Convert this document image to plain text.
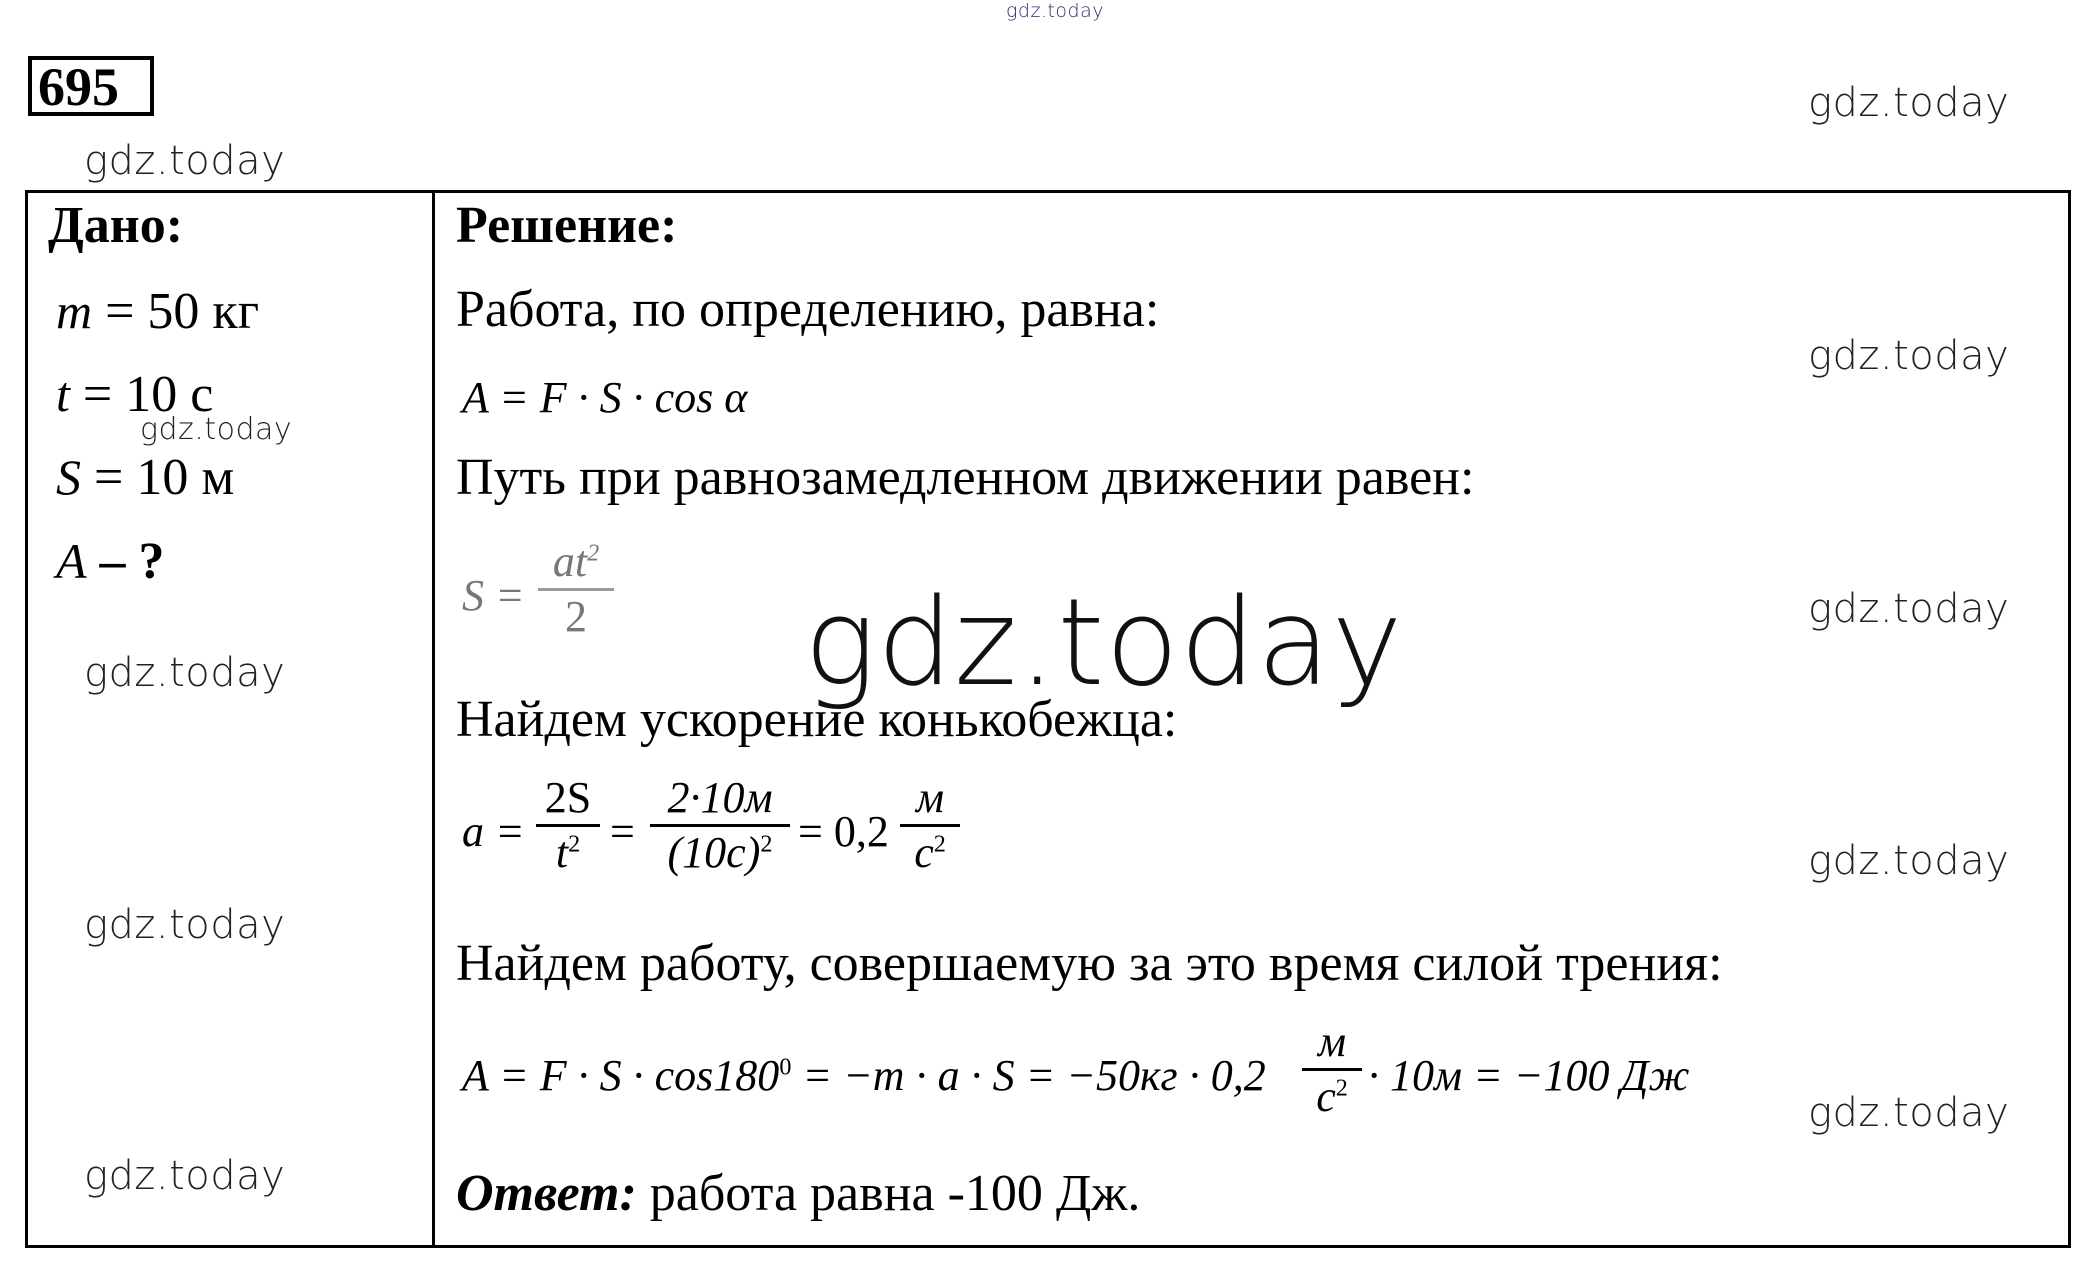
gdz.today
695	gdz.today
gdz.today
Дано:
m = 50 кг
t = 10 с
gdz.today
S = 10 м
A – ?
gdz.today
gdz.today
gdz.today
Решение:
Работа, по определению, равна:
A = F · S · cos α
Путь при равнозамедленном движении равен:
S =
$at^2$
2 gdz.today
Найдем ускорение конькобежца:
a =
2S
$t^2$ =
2·10м
$(10с)^2 = 0,2$
м
$с^2$
Найдем работу, совершаемую за это время силой трения:
$A = F \cdot S \cdot \cos 180^0 = -m \cdot a \cdot S = -50кг \cdot 0,2$
м
$с^2 \cdot 10м = -100$ Дж
Ответ: работа равна -100 Дж.
gdz.today
gdz.today
gdz.today
gdz.today
